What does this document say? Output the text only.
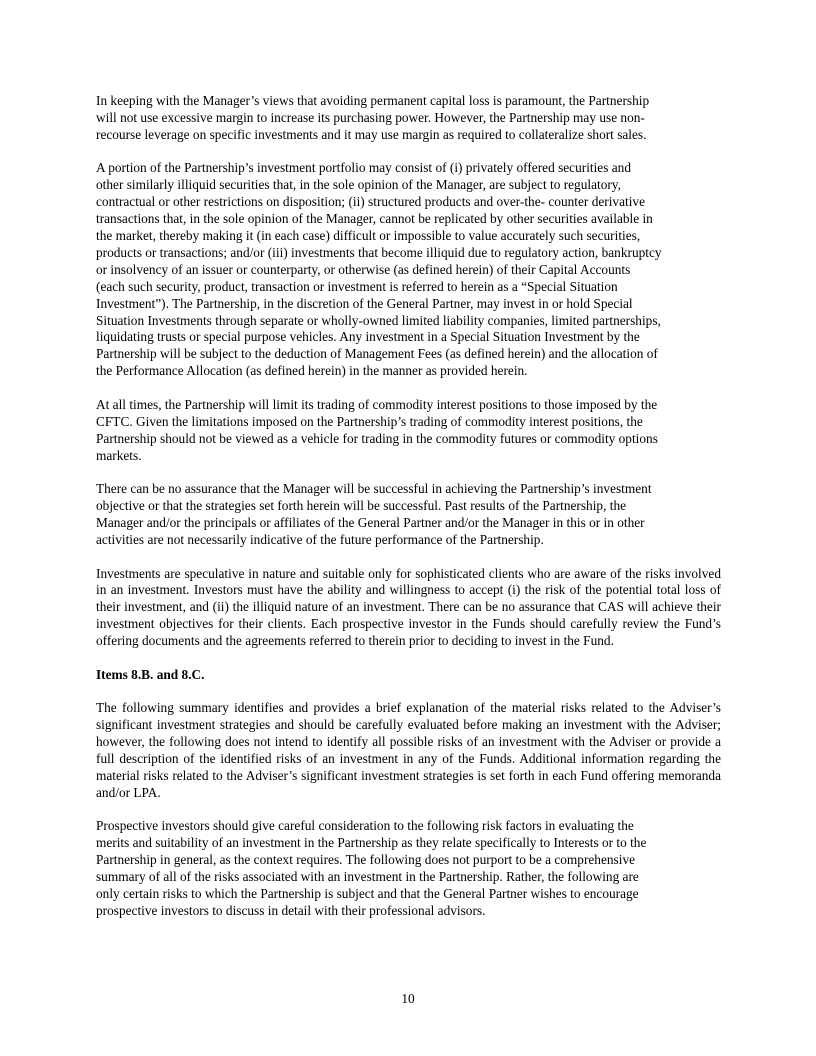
In keeping with the Manager’s views that avoiding permanent capital loss is paramount, the Partnership
will not use excessive margin to increase its purchasing power. However, the Partnership may use non-
recourse leverage on specific investments and it may use margin as required to collateralize short sales.

A portion of the Partnership’s investment portfolio may consist of (i) privately offered securities and
other similarly illiquid securities that, in the sole opinion of the Manager, are subject to regulatory,
contractual or other restrictions on disposition; (ii) structured products and over-the- counter derivative
transactions that, in the sole opinion of the Manager, cannot be replicated by other securities available in
the market, thereby making it (in each case) difficult or impossible to value accurately such securities,
products or transactions; and/or (iii) investments that become illiquid due to regulatory action, bankruptcy
or insolvency of an issuer or counterparty, or otherwise (as defined herein) of their Capital Accounts
(each such security, product, transaction or investment is referred to herein as a “Special Situation
Investment”). The Partnership, in the discretion of the General Partner, may invest in or hold Special
Situation Investments through separate or wholly-owned limited liability companies, limited partnerships,
liquidating trusts or special purpose vehicles. Any investment in a Special Situation Investment by the
Partnership will be subject to the deduction of Management Fees (as defined herein) and the allocation of
the Performance Allocation (as defined herein) in the manner as provided herein.

At all times, the Partnership will limit its trading of commodity interest positions to those imposed by the
CFTC. Given the limitations imposed on the Partnership’s trading of commodity interest positions, the
Partnership should not be viewed as a vehicle for trading in the commodity futures or commodity options
markets.

There can be no assurance that the Manager will be successful in achieving the Partnership’s investment
objective or that the strategies set forth herein will be successful. Past results of the Partnership, the
Manager and/or the principals or affiliates of the General Partner and/or the Manager in this or in other
activities are not necessarily indicative of the future performance of the Partnership.

Investments are speculative in nature and suitable only for sophisticated clients who are aware of the risks involved in an investment. Investors must have the ability and willingness to accept (i) the risk of the potential total loss of their investment, and (ii) the illiquid nature of an investment. There can be no assurance that CAS will achieve their investment objectives for their clients. Each prospective investor in the Funds should carefully review the Fund’s offering documents and the agreements referred to therein prior to deciding to invest in the Fund.

Items 8.B. and 8.C.

The following summary identifies and provides a brief explanation of the material risks related to the Adviser’s significant investment strategies and should be carefully evaluated before making an investment with the Adviser; however, the following does not intend to identify all possible risks of an investment with the Adviser or provide a full description of the identified risks of an investment in any of the Funds. Additional information regarding the material risks related to the Adviser’s significant investment strategies is set forth in each Fund offering memoranda and/or LPA.

Prospective investors should give careful consideration to the following risk factors in evaluating the
merits and suitability of an investment in the Partnership as they relate specifically to Interests or to the
Partnership in general, as the context requires. The following does not purport to be a comprehensive
summary of all of the risks associated with an investment in the Partnership. Rather, the following are
only certain risks to which the Partnership is subject and that the General Partner wishes to encourage
prospective investors to discuss in detail with their professional advisors.

10
